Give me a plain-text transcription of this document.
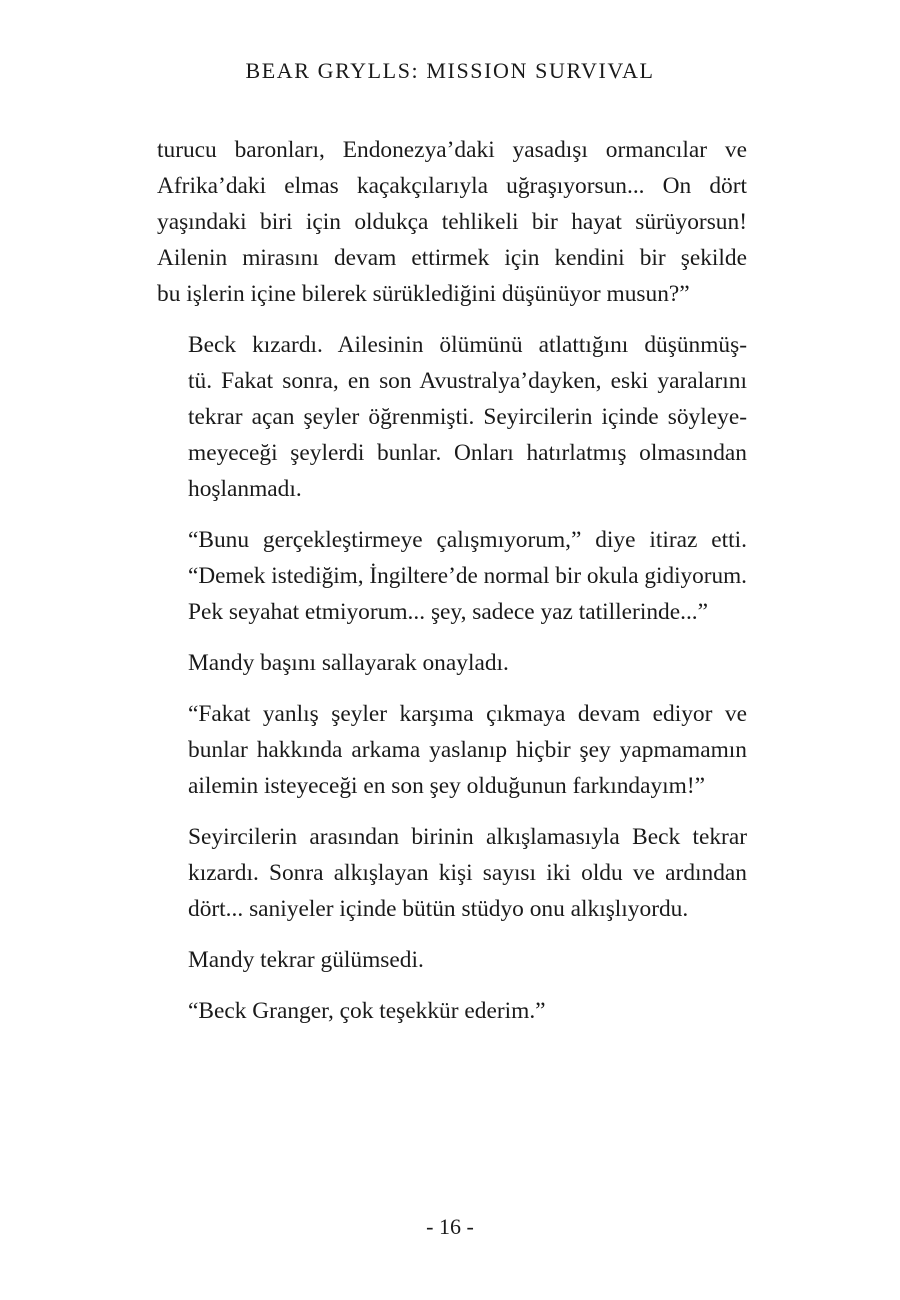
BEAR GRYLLS: MISSION SURVIVAL

turucu baronları, Endonezya’daki yasadışı ormancılar ve
Afrika’daki elmas kaçakçılarıyla uğraşıyorsun... On dört
yaşındaki biri için oldukça tehlikeli bir hayat sürüyorsun!
Ailenin mirasını devam ettirmek için kendini bir şekilde
bu işlerin içine bilerek sürüklediğini düşünüyor musun?”

Beck kızardı. Ailesinin ölümünü atlattığını düşünmüş-
tü. Fakat sonra, en son Avustralya’dayken, eski yaralarını
tekrar açan şeyler öğrenmişti. Seyircilerin içinde söyleye-
meyeceği şeylerdi bunlar. Onları hatırlatmış olmasından
hoşlanmadı.

“Bunu gerçekleştirmeye çalışmıyorum,” diye itiraz etti.
“Demek istediğim, İngiltere’de normal bir okula gidiyorum.
Pek seyahat etmiyorum... şey, sadece yaz tatillerinde...”

Mandy başını sallayarak onayladı.

“Fakat yanlış şeyler karşıma çıkmaya devam ediyor ve
bunlar hakkında arkama yaslanıp hiçbir şey yapmamamın
ailemin isteyeceği en son şey olduğunun farkındayım!”

Seyircilerin arasından birinin alkışlamasıyla Beck tekrar
kızardı. Sonra alkışlayan kişi sayısı iki oldu ve ardından
dört... saniyeler içinde bütün stüdyo onu alkışlıyordu.

Mandy tekrar gülümsedi.

“Beck Granger, çok teşekkür ederim.”

- 16 -
